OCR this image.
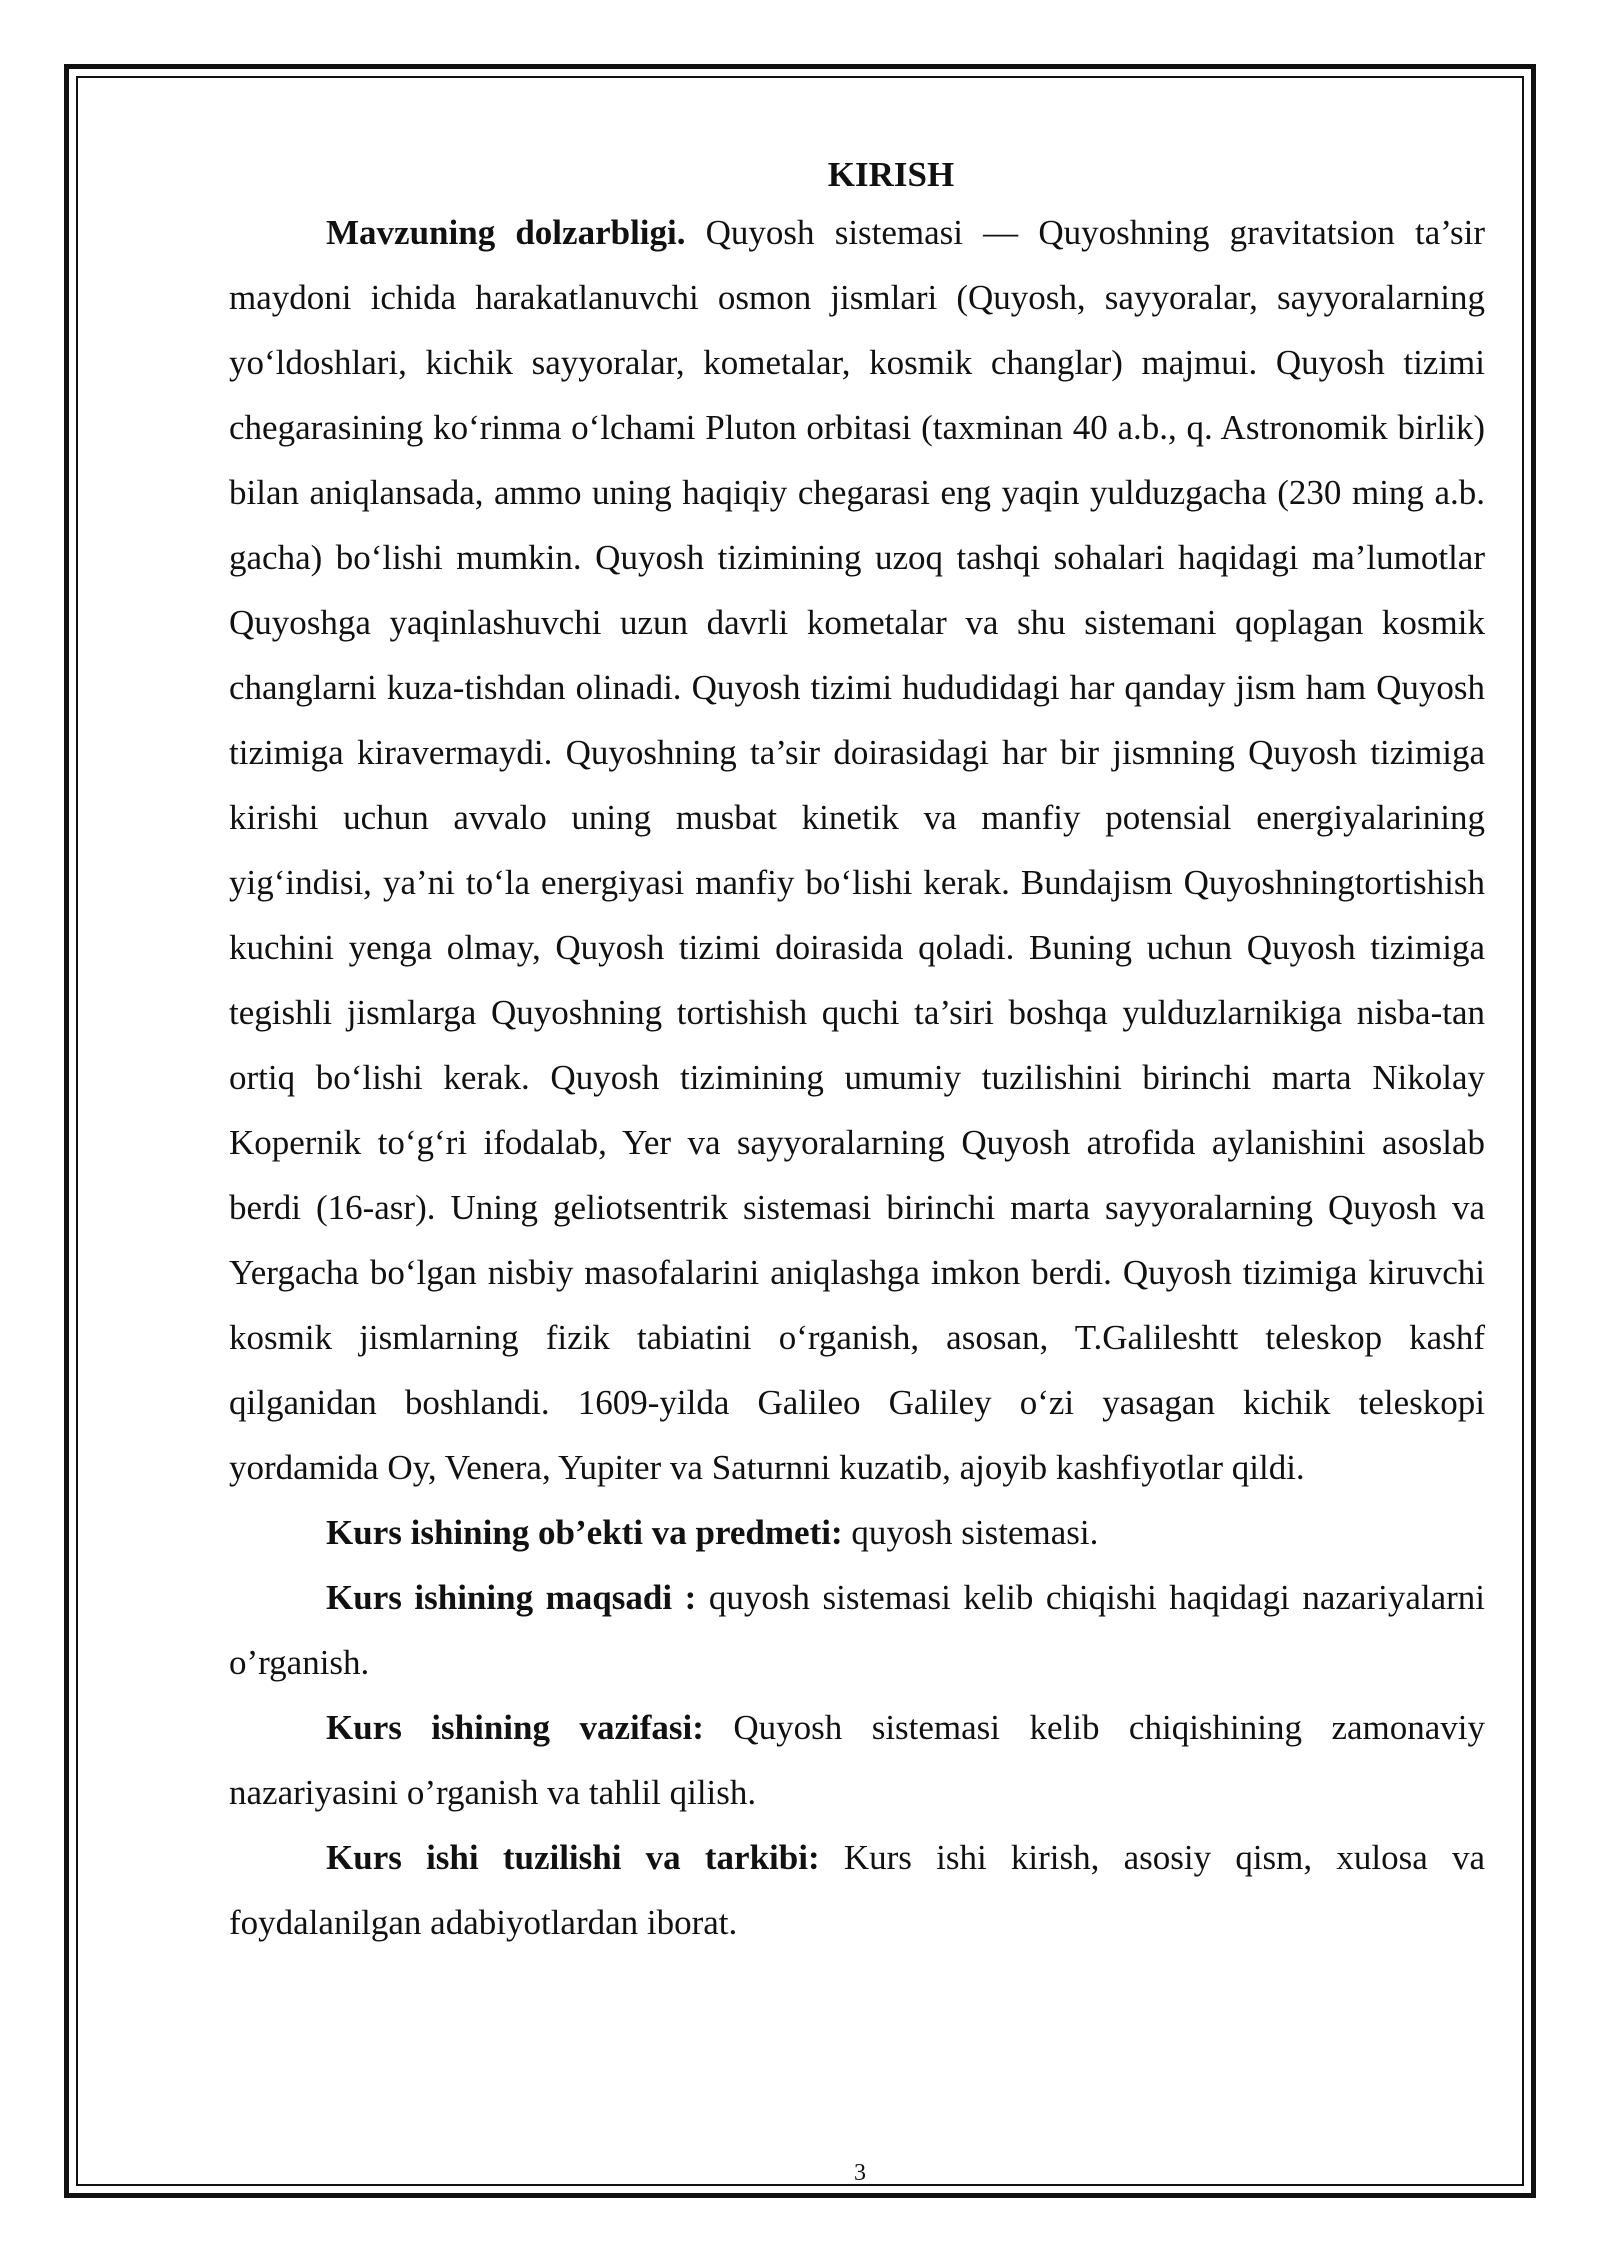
KIRISH

Mavzuning dolzarbligi. Quyosh sistemasi — Quyoshning gravitatsion ta’sir maydoni ichida harakatlanuvchi osmon jismlari (Quyosh, sayyoralar, sayyoralarning yo‘ldoshlari, kichik sayyoralar, kometalar, kosmik changlar) majmui. Quyosh tizimi chegarasining ko‘rinma o‘lchami Pluton orbitasi (taxminan 40 a.b., q. Astronomik birlik) bilan aniqlansada, ammo uning haqiqiy chegarasi eng yaqin yulduzgacha (230 ming a.b. gacha) bo‘lishi mumkin. Quyosh tizimining uzoq tashqi sohalari haqidagi ma’lumotlar Quyoshga yaqinlashuvchi uzun davrli kometalar va shu sistemani qoplagan kosmik changlarni kuza-tishdan olinadi. Quyosh tizimi hududidagi har qanday jism ham Quyosh tizimiga kiravermaydi. Quyoshning ta’sir doirasidagi har bir jismning Quyosh tizimiga kirishi uchun avvalo uning musbat kinetik va manfiy potensial energiyalarining yig‘indisi, ya’ni to‘la energiyasi manfiy bo‘lishi kerak. Bundajism Quyoshningtortishish kuchini yenga olmay, Quyosh tizimi doirasida qoladi. Buning uchun Quyosh tizimiga tegishli jismlarga Quyoshning tortishish quchi ta’siri boshqa yulduzlarnikiga nisba-tan ortiq bo‘lishi kerak. Quyosh tizimining umumiy tuzilishini birinchi marta Nikolay Kopernik to‘g‘ri ifodalab, Yer va sayyoralarning Quyosh atrofida aylanishini asoslab berdi (16-asr). Uning geliotsentrik sistemasi birinchi marta sayyoralarning Quyosh va Yergacha bo‘lgan nisbiy masofalarini aniqlashga imkon berdi. Quyosh tizimiga kiruvchi kosmik jismlarning fizik tabiatini o‘rganish, asosan, T.Galileshtt teleskop kashf qilganidan boshlandi. 1609-yilda Galileo Galiley o‘zi yasagan kichik teleskopi yordamida Oy, Venera, Yupiter va Saturnni kuzatib, ajoyib kashfiyotlar qildi.

Kurs ishining ob’ekti va predmeti: quyosh sistemasi.

Kurs ishining maqsadi : quyosh sistemasi kelib chiqishi haqidagi nazariyalarni o’rganish.

Kurs ishining vazifasi: Quyosh sistemasi kelib chiqishining zamonaviy nazariyasini o’rganish va tahlil qilish.

Kurs ishi tuzilishi va tarkibi: Kurs ishi kirish, asosiy qism, xulosa va foydalanilgan adabiyotlardan iborat.

3
